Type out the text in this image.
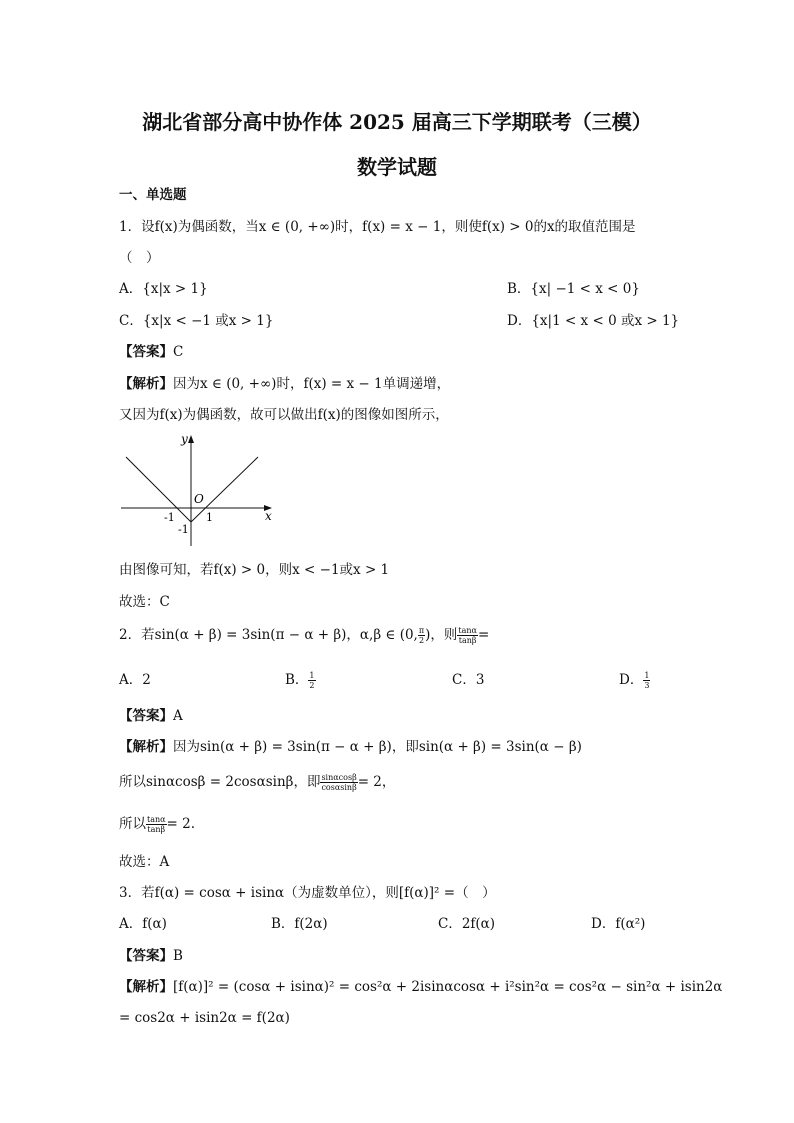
湖北省部分高中协作体 2025 届高三下学期联考（三模）
数学试题
一、单选题
1．设f(x)为偶函数，当x ∈ (0, +∞)时，f(x) = x − 1，则使f(x) > 0的x的取值范围是
（　）
A．{x|x > 1}	B．{x| −1 < x < 0}
C．{x|x < −1 或x > 1}	D．{x|1 < x < 0 或x > 1}
【答案】C
【解析】因为x ∈ (0, +∞)时，f(x) = x − 1单调递增，
又因为f(x)为偶函数，故可以做出f(x)的图像如图所示，
y
x
O
-1	1
-1
由图像可知，若f(x) > 0，则x < −1或x > 1
故选：C
2．若sin(α + β) = 3sin(π − α + β)，α,β ∈ (0, $\frac{\pi}{2}$ )，则 $\frac{\tan\alpha}{\tan\beta}$ =
A．2	B． $\frac{1}{2}$	C．3	D． $\frac{1}{3}$
【答案】A
【解析】因为sin(α + β) = 3sin(π − α + β)，即sin(α + β) = 3sin(α − β)
所以sinαcosβ = 2cosαsinβ，即 $\frac{\sin\alpha\cos\beta}{\cos\alpha\sin\beta} = 2$，
所以 $\frac{\tan\alpha}{\tan\beta} = 2$.
故选：A
3．若f(α) = cosα + isinα（为虚数单位），则[f(α)]² =（　）
A．f(α)	B．f(2α)	C．2f(α)	D．f(α²)
【答案】B
【解析】[f(α)]² = (cosα + isinα)² = cos²α + 2isinαcosα + i²sin²α = cos²α − sin²α + isin2α
= cos2α + isin2α = f(2α)
